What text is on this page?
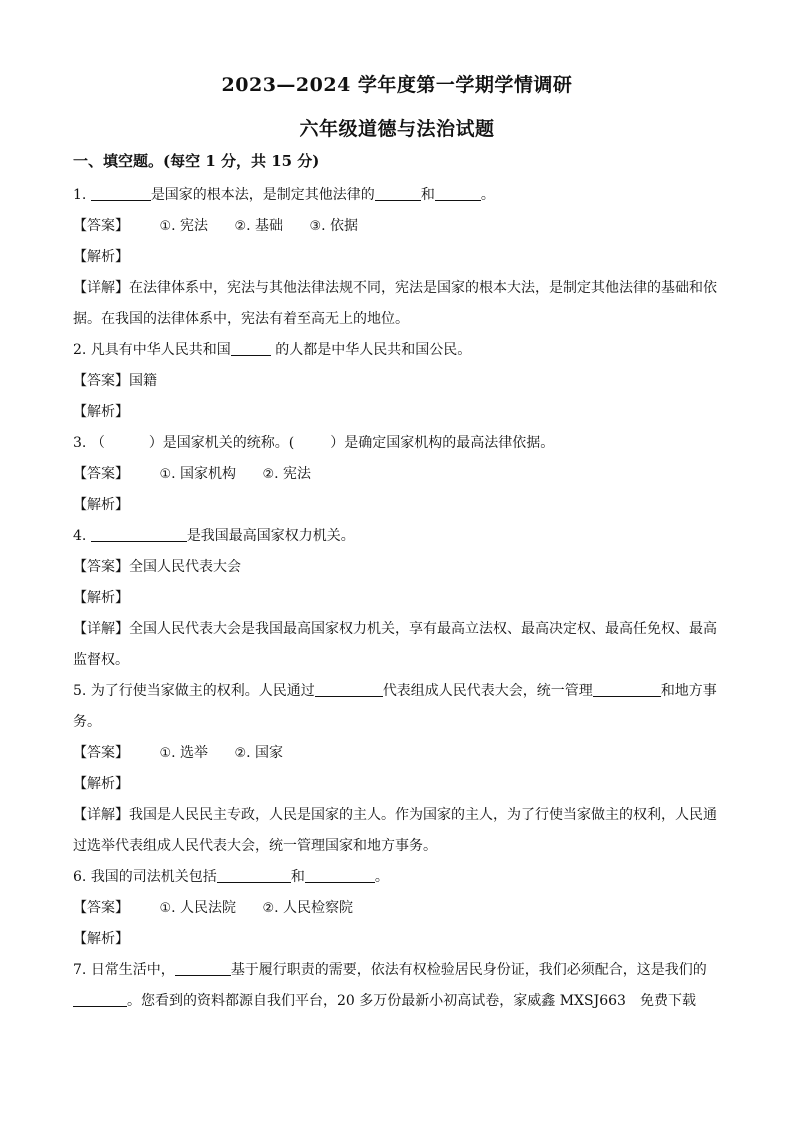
2023—2024 学年度第一学期学情调研
六年级道德与法治试题
一、填空题。(每空 1 分，共 15 分)
1.	是国家的根本法，是制定其他法律的	和	。
【答案】 ①. 宪法 ②. 基础 ③. 依据
【解析】
【详解】在法律体系中，宪法与其他法律法规不同，宪法是国家的根本大法，是制定其他法律的基础和依
据。在我国的法律体系中，宪法有着至高无上的地位。
2. 凡具有中华人民共和国	的人都是中华人民共和国公民。
【答案】国籍
【解析】
3. （	）是国家机关的统称。(	）是确定国家机构的最高法律依据。
【答案】 ①. 国家机构 ②. 宪法
【解析】
4.	是我国最高国家权力机关。
【答案】全国人民代表大会
【解析】
【详解】全国人民代表大会是我国最高国家权力机关，享有最高立法权、最高决定权、最高任免权、最高
监督权。
5. 为了行使当家做主的权利。人民通过	代表组成人民代表大会，统一管理	和地方事
务。
【答案】 ①. 选举 ②. 国家
【解析】
【详解】我国是人民民主专政，人民是国家的主人。作为国家的主人，为了行使当家做主的权利，人民通
过选举代表组成人民代表大会，统一管理国家和地方事务。
6. 我国的司法机关包括	和	。
【答案】 ①. 人民法院 ②. 人民检察院
【解析】
7. 日常生活中，	基于履行职责的需要，依法有权检验居民身份证，我们必须配合，这是我们的
。您看到的资料都源自我们平台，20 多万份最新小初高试卷，家威鑫 MXSJ663　免费下载
